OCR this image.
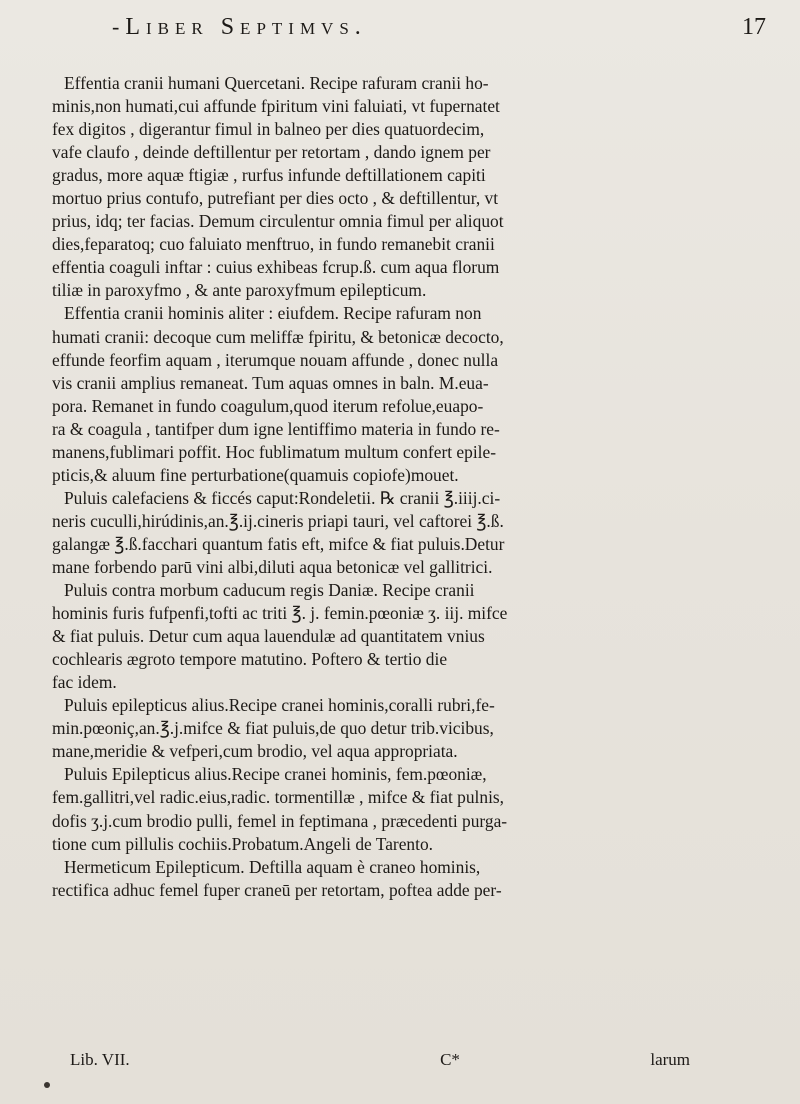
- Liber Septimvs.	17

Effentia cranii humani Quercetani. Recipe rafuram cranii ho-
minis,non humati,cui affunde fpiritum vini faluiati, vt fupernatet
fex digitos , digerantur fimul in balneo per dies quatuordecim,
vafe claufo , deinde deftillentur per retortam , dando ignem per
gradus, more aquæ ftigiæ , rurfus infunde deftillationem capiti
mortuo prius contufo, putrefiant per dies octo , & deftillentur, vt
prius, idq; ter facias. Demum circulentur omnia fimul per aliquot
dies,feparatoq; cuo faluiato menftruo, in fundo remanebit cranii
effentia coaguli inftar : cuius exhibeas fcrup.ß. cum aqua florum
tiliæ in paroxyfmo , & ante paroxyfmum epilepticum.

Effentia cranii hominis aliter : eiufdem. Recipe rafuram non
humati cranii: decoque cum meliffæ fpiritu, & betonicæ decocto,
effunde feorfim aquam , iterumque nouam affunde , donec nulla
vis cranii amplius remaneat. Tum aquas omnes in baln. M.eua-
pora. Remanet in fundo coagulum,quod iterum refolue,euapo-
ra & coagula , tantifper dum igne lentiffimo materia in fundo re-
manens,fublimari poffit. Hoc fublimatum multum confert epile-
pticis,& aluum fine perturbatione(quamuis copiofe)mouet.

Puluis calefaciens & ficcés caput:Rondeletii. ℞ cranii ℥.iiij.ci-
neris cuculli,hirúdinis,an.℥.ij.cineris priapi tauri, vel caftorei ℥.ß.
galangæ ℥.ß.facchari quantum fatis eft, mifce & fiat puluis.Detur
mane forbendo parū vini albi,diluti aqua betonicæ vel gallitrici.

Puluis contra morbum caducum regis Daniæ. Recipe cranii
hominis furis fufpenfi,tofti ac triti ℥. j. femin.pœoniæ ʒ. iij. mifce
& fiat puluis. Detur cum aqua lauendulæ ad quantitatem vnius
cochlearis ægroto tempore matutino. Poftero & tertio die
fac idem.

Puluis epilepticus alius.Recipe cranei hominis,coralli rubri,fe-
min.pœoniç,an.℥.j.mifce & fiat puluis,de quo detur trib.vicibus,
mane,meridie & vefperi,cum brodio, vel aqua appropriata.

Puluis Epilepticus alius.Recipe cranei hominis, fem.pœoniæ,
fem.gallitri,vel radic.eius,radic. tormentillæ , mifce & fiat pulnis,
dofis ʒ.j.cum brodio pulli, femel in feptimana , præcedenti purga-
tione cum pillulis cochiis.Probatum.Angeli de Tarento.

Hermeticum Epilepticum. Deftilla aquam è craneo hominis,
rectifica adhuc femel fuper craneū per retortam, poftea adde per-

Lib. VII.	C*	larum
